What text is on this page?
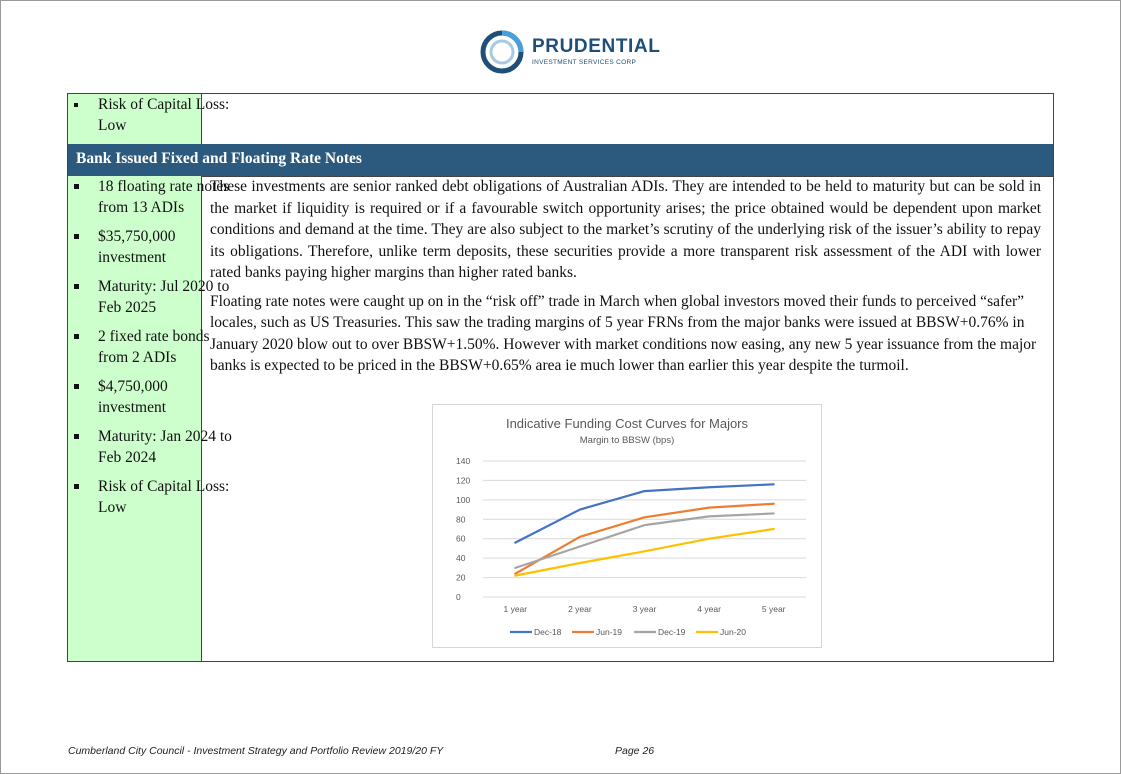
PRUDENTIAL
INVESTMENT SERVICES CORP
Risk of Capital Loss: Low
Bank Issued Fixed and Floating Rate Notes
18 floating rate notes from 13 ADIs
$35,750,000 investment
Maturity: Jul 2020 to Feb 2025
2 fixed rate bonds from 2 ADIs
$4,750,000 investment
Maturity: Jan 2024 to Feb 2024
Risk of Capital Loss: Low

These investments are senior ranked debt obligations of Australian ADIs. They are intended to be held to maturity but can be sold in the market if liquidity is required or if a favourable switch opportunity arises; the price obtained would be dependent upon market conditions and demand at the time. They are also subject to the market’s scrutiny of the underlying risk of the issuer’s ability to repay its obligations. Therefore, unlike term deposits, these securities provide a more transparent risk assessment of the ADI with lower rated banks paying higher margins than higher rated banks.

Floating rate notes were caught up on in the “risk off” trade in March when global investors moved their funds to perceived “safer” locales, such as US Treasuries. This saw the trading margins of 5 year FRNs from the major banks were issued at BBSW+0.76% in January 2020 blow out to over BBSW+1.50%. However with market conditions now easing, any new 5 year issuance from the major banks is expected to be priced in the BBSW+0.65% area ie much lower than earlier this year despite the turmoil.

Indicative Funding Cost Curves for Majors
Margin to BBSW (bps)
0
20
40
60
80
100
120
140
1 year	2 year	3 year	4 year	5 year
Dec-18	Jun-19	Dec-19	Jun-20
Cumberland City Council - Investment Strategy and Portfolio Review 2019/20 FY	Page 26
